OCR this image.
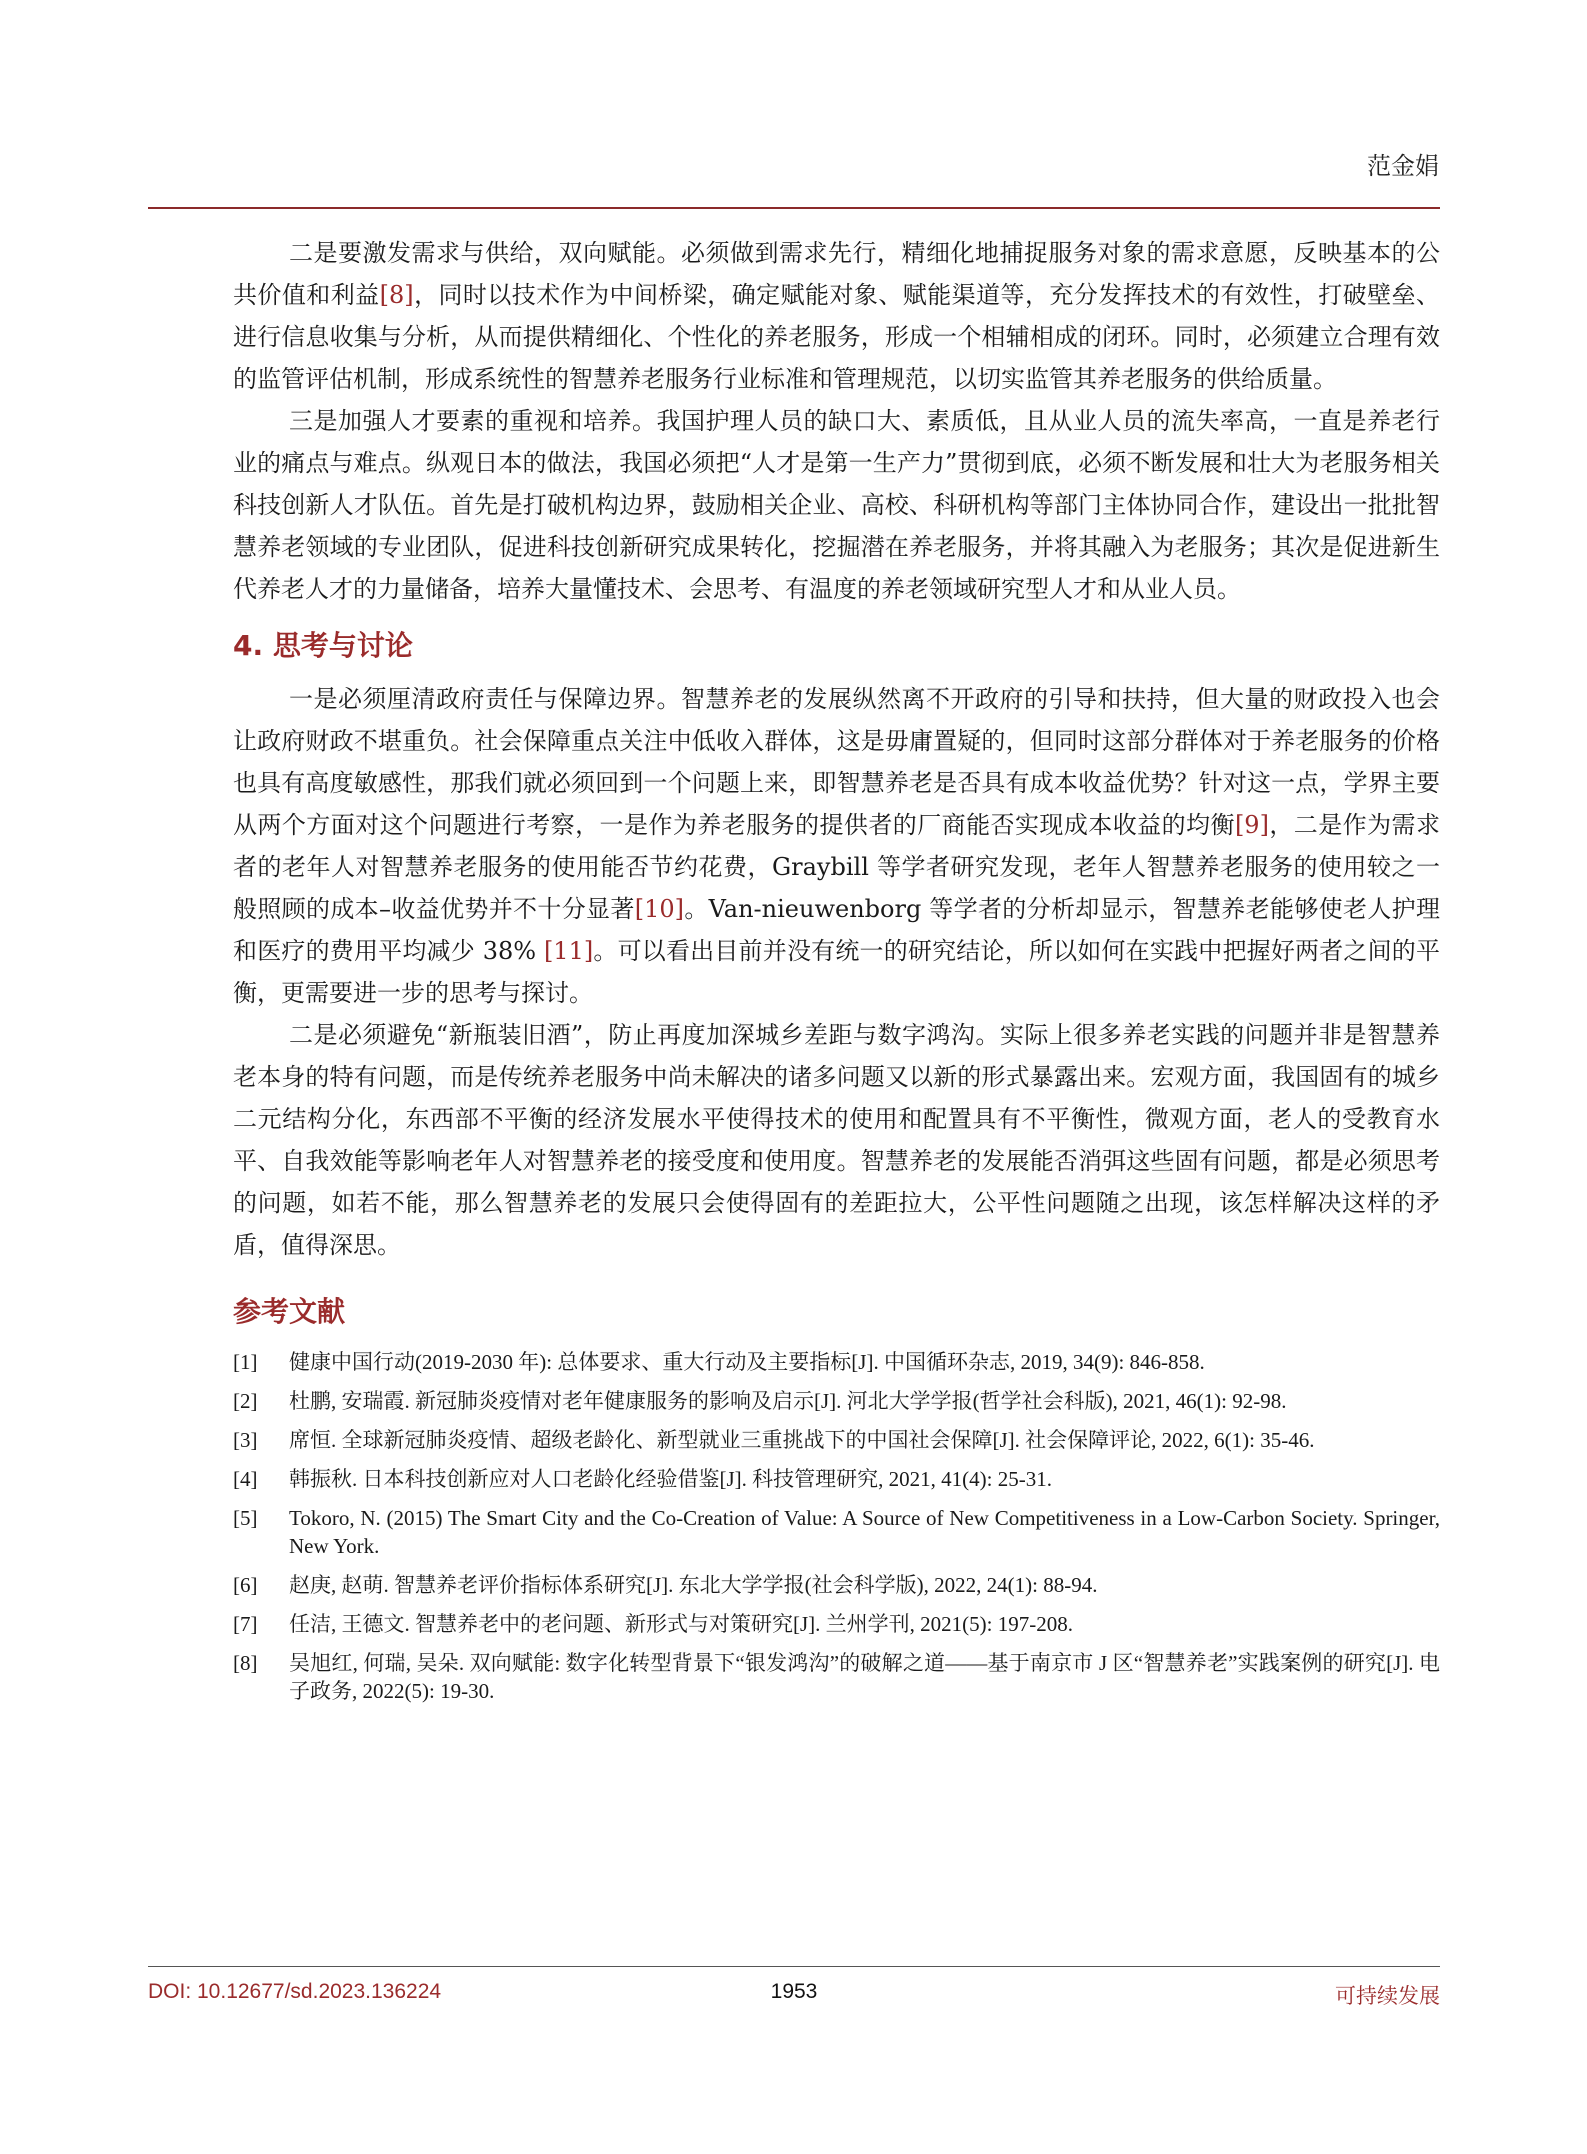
范金娟

二是要激发需求与供给，双向赋能。必须做到需求先行，精细化地捕捉服务对象的需求意愿，反映基本的公共价值和利益[8]，同时以技术作为中间桥梁，确定赋能对象、赋能渠道等，充分发挥技术的有效性，打破壁垒、进行信息收集与分析，从而提供精细化、个性化的养老服务，形成一个相辅相成的闭环。同时，必须建立合理有效的监管评估机制，形成系统性的智慧养老服务行业标准和管理规范，以切实监管其养老服务的供给质量。

三是加强人才要素的重视和培养。我国护理人员的缺口大、素质低，且从业人员的流失率高，一直是养老行业的痛点与难点。纵观日本的做法，我国必须把“人才是第一生产力”贯彻到底，必须不断发展和壮大为老服务相关科技创新人才队伍。首先是打破机构边界，鼓励相关企业、高校、科研机构等部门主体协同合作，建设出一批批智慧养老领域的专业团队，促进科技创新研究成果转化，挖掘潜在养老服务，并将其融入为老服务；其次是促进新生代养老人才的力量储备，培养大量懂技术、会思考、有温度的养老领域研究型人才和从业人员。

4. 思考与讨论

一是必须厘清政府责任与保障边界。智慧养老的发展纵然离不开政府的引导和扶持，但大量的财政投入也会让政府财政不堪重负。社会保障重点关注中低收入群体，这是毋庸置疑的，但同时这部分群体对于养老服务的价格也具有高度敏感性，那我们就必须回到一个问题上来，即智慧养老是否具有成本收益优势？针对这一点，学界主要从两个方面对这个问题进行考察，一是作为养老服务的提供者的厂商能否实现成本收益的均衡[9]，二是作为需求者的老年人对智慧养老服务的使用能否节约花费，Graybill 等学者研究发现，老年人智慧养老服务的使用较之一般照顾的成本–收益优势并不十分显著[10]。Van-nieuwenborg 等学者的分析却显示，智慧养老能够使老人护理和医疗的费用平均减少 38% [11]。可以看出目前并没有统一的研究结论，所以如何在实践中把握好两者之间的平衡，更需要进一步的思考与探讨。

二是必须避免“新瓶装旧酒”，防止再度加深城乡差距与数字鸿沟。实际上很多养老实践的问题并非是智慧养老本身的特有问题，而是传统养老服务中尚未解决的诸多问题又以新的形式暴露出来。宏观方面，我国固有的城乡二元结构分化，东西部不平衡的经济发展水平使得技术的使用和配置具有不平衡性，微观方面，老人的受教育水平、自我效能等影响老年人对智慧养老的接受度和使用度。智慧养老的发展能否消弭这些固有问题，都是必须思考的问题，如若不能，那么智慧养老的发展只会使得固有的差距拉大，公平性问题随之出现，该怎样解决这样的矛盾，值得深思。

参考文献
[1]	健康中国行动(2019-2030 年): 总体要求、重大行动及主要指标[J]. 中国循环杂志, 2019, 34(9): 846-858.
[2]	杜鹏, 安瑞霞. 新冠肺炎疫情对老年健康服务的影响及启示[J]. 河北大学学报(哲学社会科版), 2021, 46(1): 92-98.
[3]	席恒. 全球新冠肺炎疫情、超级老龄化、新型就业三重挑战下的中国社会保障[J]. 社会保障评论, 2022, 6(1): 35-46.
[4]	韩振秋. 日本科技创新应对人口老龄化经验借鉴[J]. 科技管理研究, 2021, 41(4): 25-31.
[5]	Tokoro, N. (2015) The Smart City and the Co-Creation of Value: A Source of New Competitiveness in a Low-Carbon Society. Springer, New York.
[6]	赵庚, 赵萌. 智慧养老评价指标体系研究[J]. 东北大学学报(社会科学版), 2022, 24(1): 88-94.
[7]	任洁, 王德文. 智慧养老中的老问题、新形式与对策研究[J]. 兰州学刊, 2021(5): 197-208.
[8]	吴旭红, 何瑞, 吴朵. 双向赋能: 数字化转型背景下“银发鸿沟”的破解之道——基于南京市 J 区“智慧养老”实践案例的研究[J]. 电子政务, 2022(5): 19-30.
DOI: 10.12677/sd.2023.136224	1953	可持续发展
